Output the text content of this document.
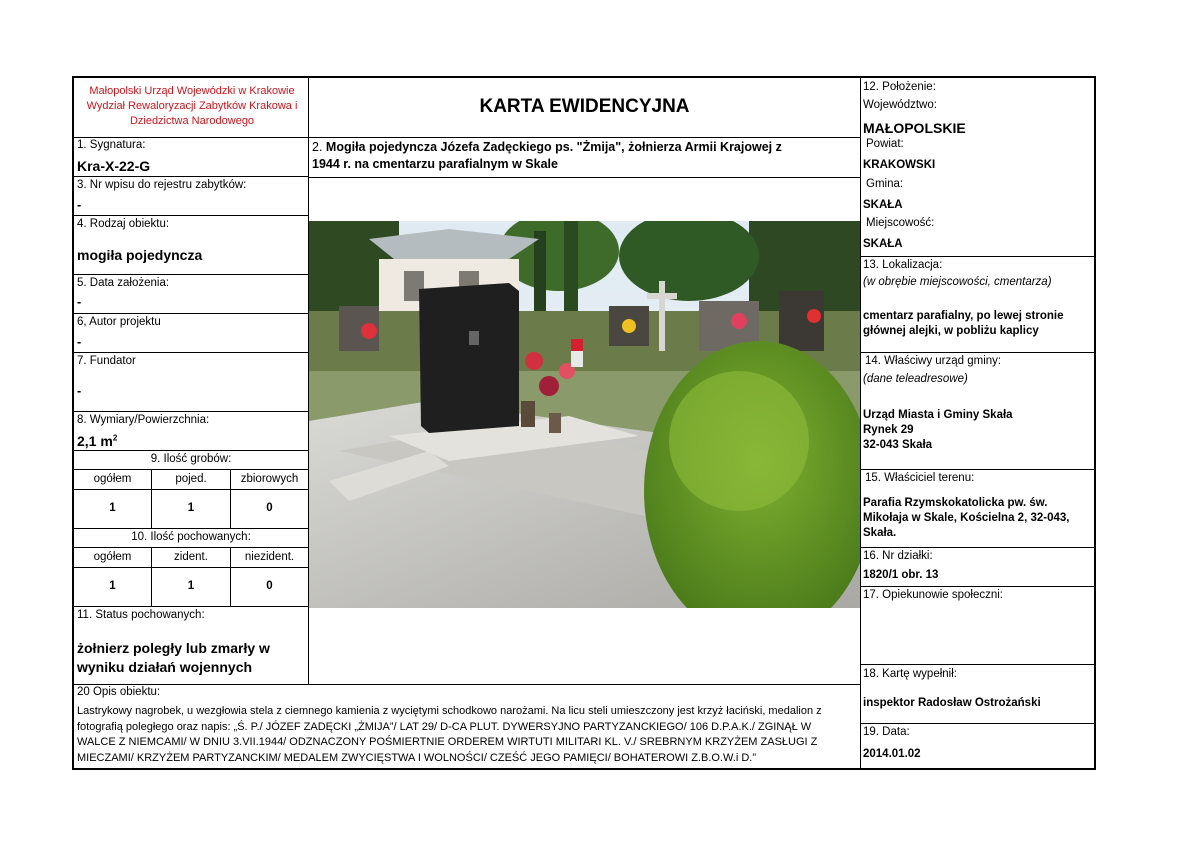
Małopolski Urząd Wojewódzki w Krakowie
Wydział Rewaloryzacji Zabytków Krakowa i
Dziedzictwa Narodowego
1. Sygnatura:
Kra-X-22-G
3. Nr wpisu do rejestru zabytków:
-
4. Rodzaj obiektu:
mogiła pojedyncza
5. Data założenia:
-
6, Autor projektu
-
7. Fundator
-
8. Wymiary/Powierzchnia:
2,1 $m^2$
9. Ilość grobów:
ogółem	pojed.	zbiorowych
1	1	0
10. Ilość pochowanych:
ogółem	zident.	niezident.
1	1	0
11. Status pochowanych:
żołnierz poległy lub zmarły w
wyniku działań wojennych
KARTA EWIDENCYJNA
2. Mogiła pojedyncza Józefa Zadęckiego ps. "Żmija", żołnierza Armii Krajowej z
1944 r. na cmentarzu parafialnym w Skale
12. Położenie:
Województwo:
MAŁOPOLSKIE
Powiat:
KRAKOWSKI
Gmina:
SKAŁA
Miejscowość:
SKAŁA
13. Lokalizacja:
(w obrębie miejscowości, cmentarza)
cmentarz parafialny, po lewej stronie
głównej alejki, w pobliżu kaplicy
14. Właściwy urząd gminy:
(dane teleadresowe)
Urząd Miasta i Gminy Skała
Rynek 29
32-043 Skała
15. Właściciel terenu:
Parafia Rzymskokatolicka pw. św.
Mikołaja w Skale, Kościelna 2, 32-043,
Skała.
16. Nr działki:
1820/1 obr. 13
17. Opiekunowie społeczni:
18. Kartę wypełnił:
inspektor Radosław Ostrożański
19. Data:
2014.01.02
20 Opis obiektu:
Lastrykowy nagrobek, u wezgłowia stela z ciemnego kamienia z wyciętymi schodkowo narożami. Na licu steli umieszczony jest krzyż łaciński, medalion z
fotografią poległego oraz napis: „Ś. P./ JÓZEF ZADĘCKI „ŻMIJA”/ LAT 29/ D-CA PLUT. DYWERSYJNO PARTYZANCKIEGO/ 106 D.P.A.K./ ZGINĄŁ W
WALCE Z NIEMCAMI/ W DNIU 3.VII.1944/ ODZNACZONY POŚMIERTNIE ORDEREM WIRTUTI MILITARI KL. V./ SREBRNYM KRZYŻEM ZASŁUGI Z
MIECZAMI/ KRZYŻEM PARTYZANCKIM/ MEDALEM ZWYCIĘSTWA I WOLNOŚCI/ CZEŚĆ JEGO PAMIĘCI/ BOHATEROWI Z.B.O.W.i D.”
